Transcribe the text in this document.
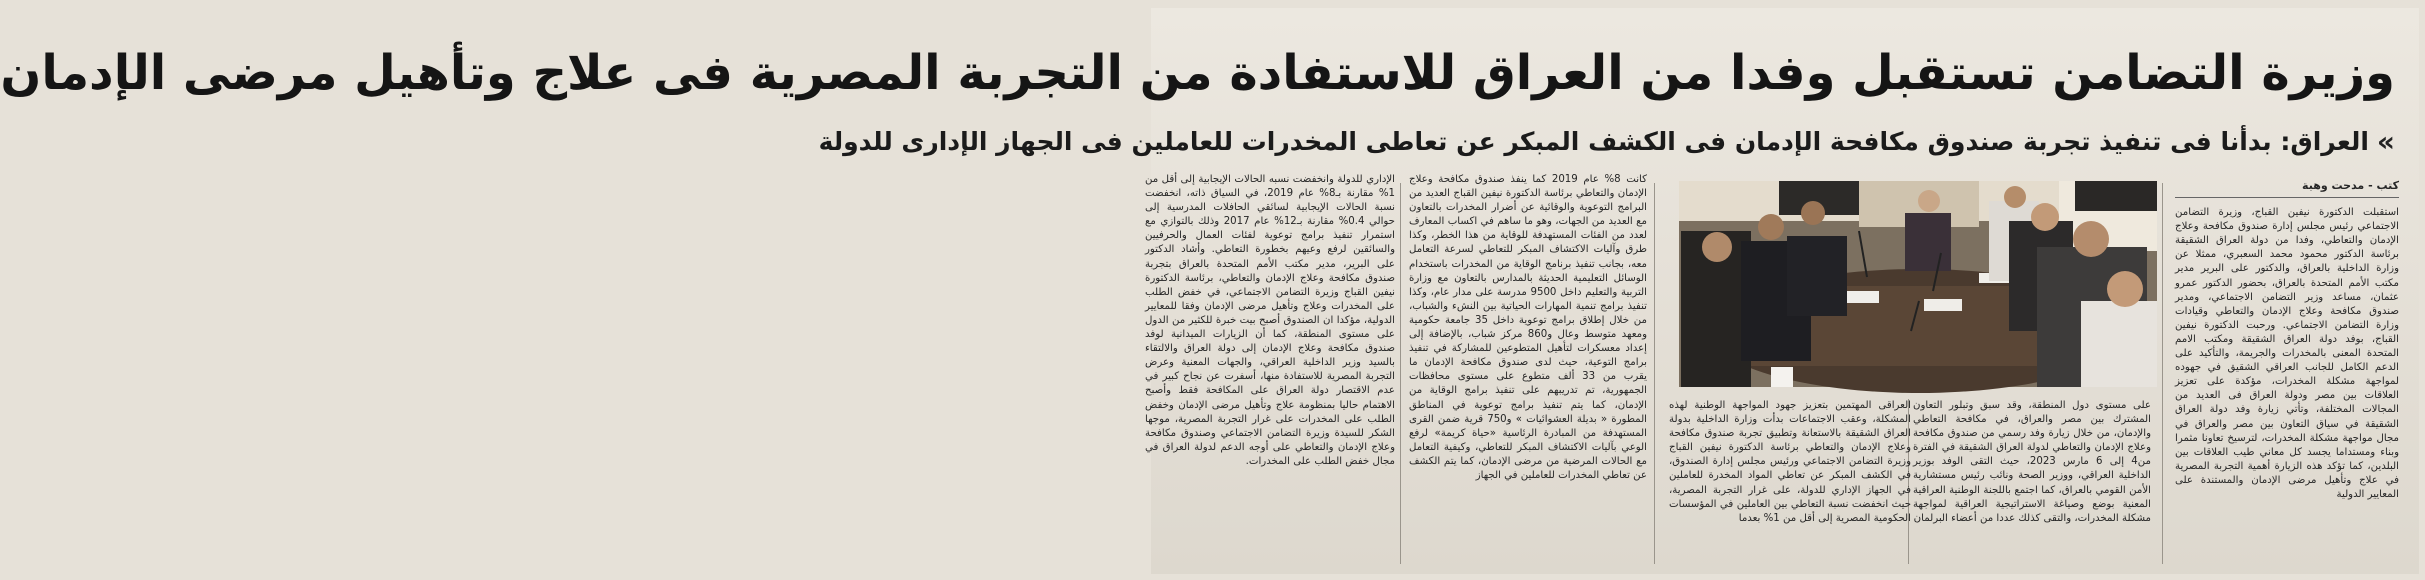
وزيرة التضامن تستقبل وفدا من العراق للاستفادة من التجربة المصرية فى علاج وتأهيل مرضى الإدمان
»
العراق: بدأنا فى تنفيذ تجربة صندوق مكافحة الإدمان فى الكشف المبكر عن تعاطى المخدرات للعاملين فى الجهاز الإدارى للدولة
كتب - مدحت وهبة

استقبلت الدكتورة نيفين القباج، وزيرة التضامن الاجتماعي رئيس مجلس إدارة صندوق مكافحة وعلاج الإدمان والتعاطي، وفدا من دولة العراق الشقيقة برئاسة الدكتور محمود محمد السعبري، ممثلا عن وزارة الداخلية بالعراق، والدكتور على البرير مدير مكتب الأمم المتحدة بالعراق، بحضور الدكتور عمرو عثمان، مساعد وزير التضامن الاجتماعي، ومدير صندوق مكافحة وعلاج الإدمان والتعاطي وقيادات وزارة التضامن الاجتماعي. ورحبت الدكتورة نيفين القباج، بوفد دولة العراق الشقيقة ومكتب الامم المتحدة المعنى بالمخدرات والجريمة، والتأكيد على الدعم الكامل للجانب العراقي الشقيق في جهوده لمواجهة مشكلة المخدرات، مؤكدة على تعزيز العلاقات بين مصر ودولة العراق فى العديد من المجالات المختلفة، وتأتي زيارة وفد دولة العراق الشقيقة في سياق التعاون بين مصر والعراق في مجال مواجهة مشكلة المخدرات، لترسيخ تعاونا مثمرا وبناء ومستداما يجسد كل معاني طيب العلاقات بين البلدين، كما تؤكد هذه الزيارة أهمية التجربة المصرية في علاج وتأهيل مرضى الإدمان والمستندة على المعايير الدولية

على مستوى دول المنطقة، وقد سبق وتبلور التعاون المشترك بين مصر والعراق، في مكافحة التعاطي والإدمان، من خلال زيارة وفد رسمي من صندوق مكافحة وعلاج الإدمان والتعاطي لدولة العراق الشقيقة في الفترة من4 إلى 6 مارس 2023، حيث التقى الوفد بوزير الداخلية العراقي، ووزير الصحة ونائب رئيس مستشارية الأمن القومي بالعراق، كما اجتمع باللجنة الوطنية العراقية المعنية بوضع وصياغة الاستراتيجية العراقية لمواجهة مشكلة المخدرات، والتقى كذلك عددا من أعضاء البرلمان

العراقى المهتمين بتعزيز جهود المواجهة الوطنية لهذه المشكلة، وعقب الاجتماعات بدأت وزارة الداخلية بدولة العراق الشقيقة بالاستعانة وتطبيق تجربة صندوق مكافحة وعلاج الإدمان والتعاطي برئاسة الدكتورة نيفين القباج وزيرة التضامن الاجتماعي ورئيس مجلس إدارة الصندوق، في الكشف المبكر عن تعاطي المواد المخدرة للعاملين في الجهاز الإداري للدولة، على غرار التجربة المصرية، حيث انخفضت نسبة التعاطي بين العاملين في المؤسسات الحكومية المصرية إلى أقل من 1% بعدما

كانت 8% عام 2019 كما ينفذ صندوق مكافحة وعلاج الإدمان والتعاطي برئاسة الدكتورة نيفين القباج العديد من البرامج التوعوية والوقائية عن أضرار المخدرات بالتعاون مع العديد من الجهات، وهو ما ساهم في اكساب المعارف لعدد من الفئات المستهدفة للوقاية من هذا الخطر، وكذا طرق وآليات الاكتشاف المبكر للتعاطي لسرعة التعامل معه، بجانب تنفيذ برنامج الوقاية من المخدرات باستخدام الوسائل التعليمية الحديثة بالمدارس بالتعاون مع وزارة التربية والتعليم داخل 9500 مدرسة على مدار عام، وكذا تنفيذ برامج تنمية المهارات الحياتية بين النشء والشباب، من خلال إطلاق برامج توعوية داخل 35 جامعة حكومية ومعهد متوسط وعال و860 مركز شباب، بالإضافة إلى إعداد معسكرات لتأهيل المتطوعين للمشاركة في تنفيذ برامج التوعية، حيث لدى صندوق مكافحة الإدمان ما يقرب من 33 ألف متطوع على مستوى محافظات الجمهورية، تم تدريبهم على تنفيذ برامج الوقاية من الإدمان، كما يتم تنفيذ برامج توعوية في المناطق المطورة « بديلة العشوائيات » و750 قرية ضمن القرى المستهدفة من المبادرة الرئاسية «حياة كريمة» لرفع الوعي بآليات الاكتشاف المبكر للتعاطي، وكيفية التعامل مع الحالات المرضية من مرضى الإدمان، كما يتم الكشف عن تعاطي المخدرات للعاملين في الجهاز

الإداري للدولة وانخفضت نسبه الحالات الإيجابية إلى أقل من 1% مقارنة بـ8% عام 2019، في السياق ذاته، انخفضت نسبة الحالات الإيجابية لسائقي الحافلات المدرسية إلى حوالي 0.4% مقارنة بـ12% عام 2017 وذلك بالتوازي مع استمرار تنفيذ برامج توعوية لفئات العمال والحرفيين والسائقين لرفع وعيهم بخطورة التعاطي. وأشاد الدكتور على البرير، مدير مكتب الأمم المتحدة بالعراق بتجربة صندوق مكافحة وعلاج الإدمان والتعاطي، برئاسة الدكتورة نيفين القباج وزيرة التضامن الاجتماعي، في خفض الطلب على المخدرات وعلاج وتأهيل مرضى الإدمان وفقا للمعايير الدولية، مؤكدا ان الصندوق أصبح بيت خبرة للكثير من الدول على مستوى المنطقة، كما أن الزيارات الميدانية لوفد صندوق مكافحة وعلاج الإدمان إلى دولة العراق والالتقاء بالسيد وزير الداخلية العراقي، والجهات المعنية وعرض التجربة المصرية للاستفادة منها، أسفرت عن نجاح كبير في عدم الاقتصار دولة العراق على المكافحة فقط وأصبح الاهتمام حاليا بمنظومة علاج وتأهيل مرضى الإدمان وخفض الطلب على المخدرات على غرار التجربة المصرية، موجها الشكر للسيدة وزيرة التضامن الاجتماعي وصندوق مكافحة وعلاج الإدمان والتعاطي على أوجه الدعم لدولة العراق في مجال خفض الطلب على المخدرات.
